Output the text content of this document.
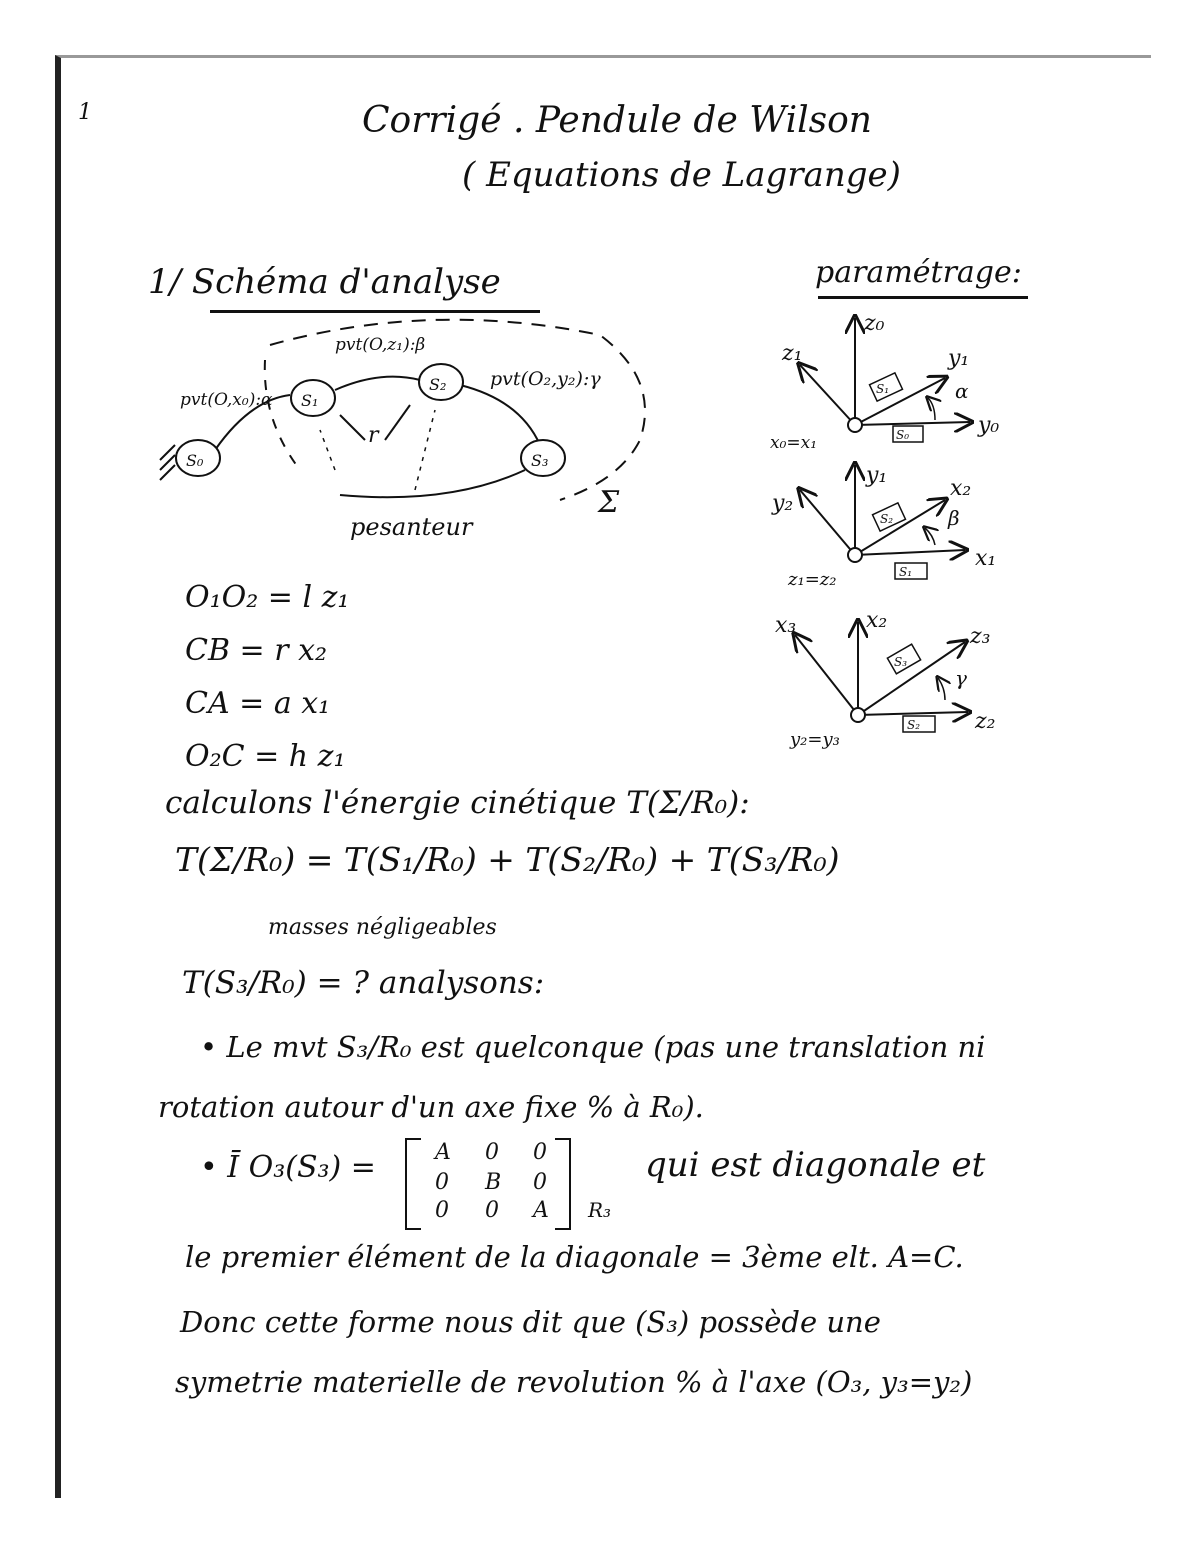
1	Corrigé . Pendule de Wilson
( Equations de Lagrange)
1/ Schéma d'analyse	paramétrage:
S₀
S₁
S₂
S₃
pvt(O,x₀):α
pvt(O,z₁):β
pvt(O₂,y₂):γ
r
pesanteur
Σ
z₀
z₁	y₁
y₀
x₀=x₁
α
S₁
S₀
y₁
y₂
x₂
x₁
z₁=z₂
β
S₂
S₁
x₂
x₃	z₃
z₂
y₂=y₃
γ
S₃
S₂
O₁O₂ = l z₁
CB = r x₂
CA = a x₁
O₂C = h z₁
calculons l'énergie cinétique T(Σ/R₀):
T(Σ/R₀) = T(S₁/R₀) + T(S₂/R₀) + T(S₃/R₀)
masses négligeables
T(S₃/R₀) = ? analysons:
• Le mvt S₃/R₀ est quelconque (pas une translation ni
rotation autour d'un axe fixe % à R₀).
• Ī O₃(S₃) =	A 0 0
0 B 0
0 0 A R₃
qui est diagonale et
le premier élément de la diagonale = 3ème elt. A=C.
Donc cette forme nous dit que (S₃) possède une
symetrie materielle de revolution % à l'axe (O₃, y₃=y₂)
